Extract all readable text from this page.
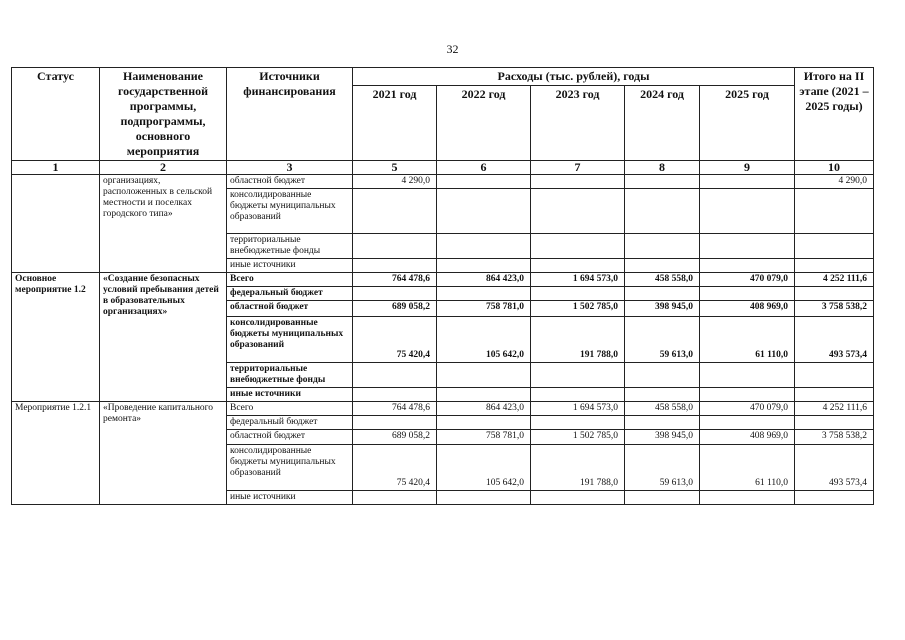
32
Статус	Наименование государственной программы, подпрограммы, основного мероприятия	Источники финансирования	Расходы (тыс. рублей), годы					Итого на II этапе (2021 – 2025 годы)
			2021 год	2022 год	2023 год	2024 год	2025 год	
1	2	3	5	6	7	8	9	10
	организациях, расположенных в сельской местности и поселках городского типа»	областной бюджет	4 290,0					4 290,0
		консолидированные бюджеты муниципальных образований						
		территориальные внебюджетные фонды						
		иные источники						
Основное мероприятие 1.2	«Создание безопасных условий пребывания детей в образовательных организациях»	Всего	764 478,6	864 423,0	1 694 573,0	458 558,0	470 079,0	4 252 111,6
		федеральный бюджет						
		областной бюджет	689 058,2	758 781,0	1 502 785,0	398 945,0	408 969,0	3 758 538,2
		консолидированные бюджеты муниципальных образований	75 420,4	105 642,0	191 788,0	59 613,0	61 110,0	493 573,4
		территориальные внебюджетные фонды						
		иные источники						
Мероприятие 1.2.1	«Проведение капитального ремонта»	Всего	764 478,6	864 423,0	1 694 573,0	458 558,0	470 079,0	4 252 111,6
		федеральный бюджет						
		областной бюджет	689 058,2	758 781,0	1 502 785,0	398 945,0	408 969,0	3 758 538,2
		консолидированные бюджеты муниципальных образований	75 420,4	105 642,0	191 788,0	59 613,0	61 110,0	493 573,4
		иные источники						
